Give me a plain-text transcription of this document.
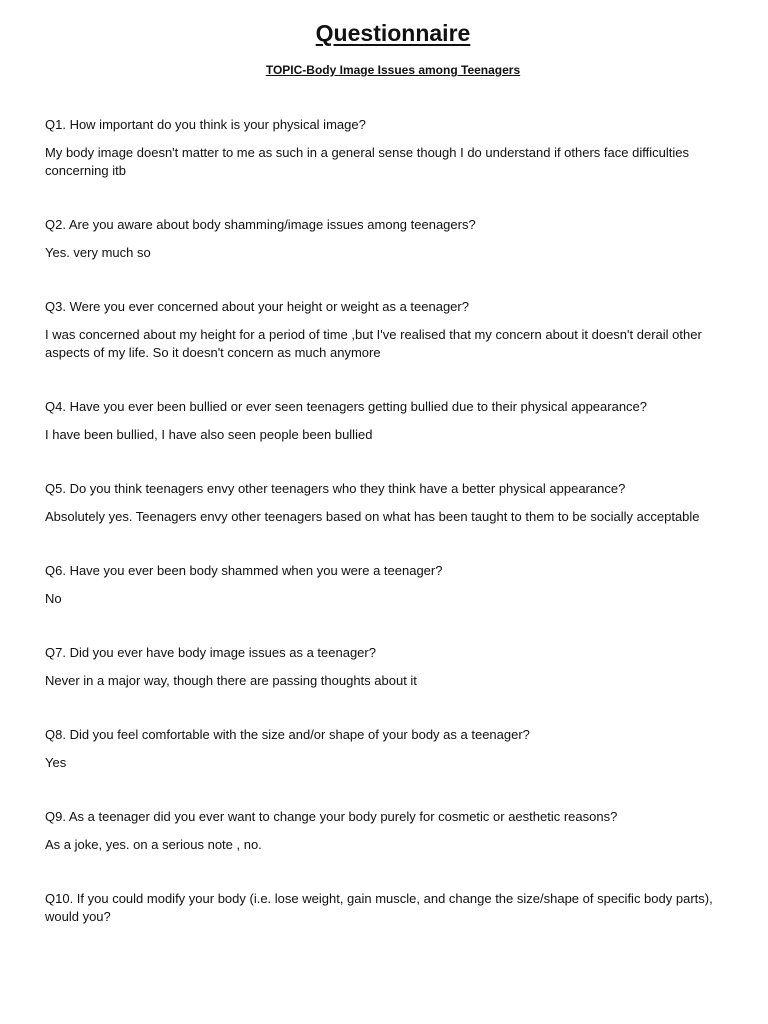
Questionnaire
TOPIC-Body Image Issues among Teenagers

Q1. How important do you think is your physical image?

My body image doesn't matter to me as such in a general sense though I do understand if others face difficulties concerning itb

Q2. Are you aware about body shamming/image issues among teenagers?

Yes. very much so

Q3. Were you ever concerned about your height or weight as a teenager?

I was concerned about my height for a period of time ,but I've realised that my concern about it doesn't derail other aspects of my life. So it doesn't concern as much anymore

Q4. Have you ever been bullied or ever seen teenagers getting bullied due to their physical appearance?

I have been bullied, I have also seen people been bullied

Q5. Do you think teenagers envy other teenagers who they think have a better physical appearance?

Absolutely yes. Teenagers envy other teenagers based on what has been taught to them to be socially acceptable

Q6. Have you ever been body shammed when you were a teenager?

No

Q7. Did you ever have body image issues as a teenager?

Never in a major way, though there are passing thoughts about it

Q8. Did you feel comfortable with the size and/or shape of your body as a teenager?

Yes

Q9. As a teenager did you ever want to change your body purely for cosmetic or aesthetic reasons?

As a joke, yes. on a serious note , no.

Q10. If you could modify your body (i.e. lose weight, gain muscle, and change the size/shape of specific body parts), would you?
